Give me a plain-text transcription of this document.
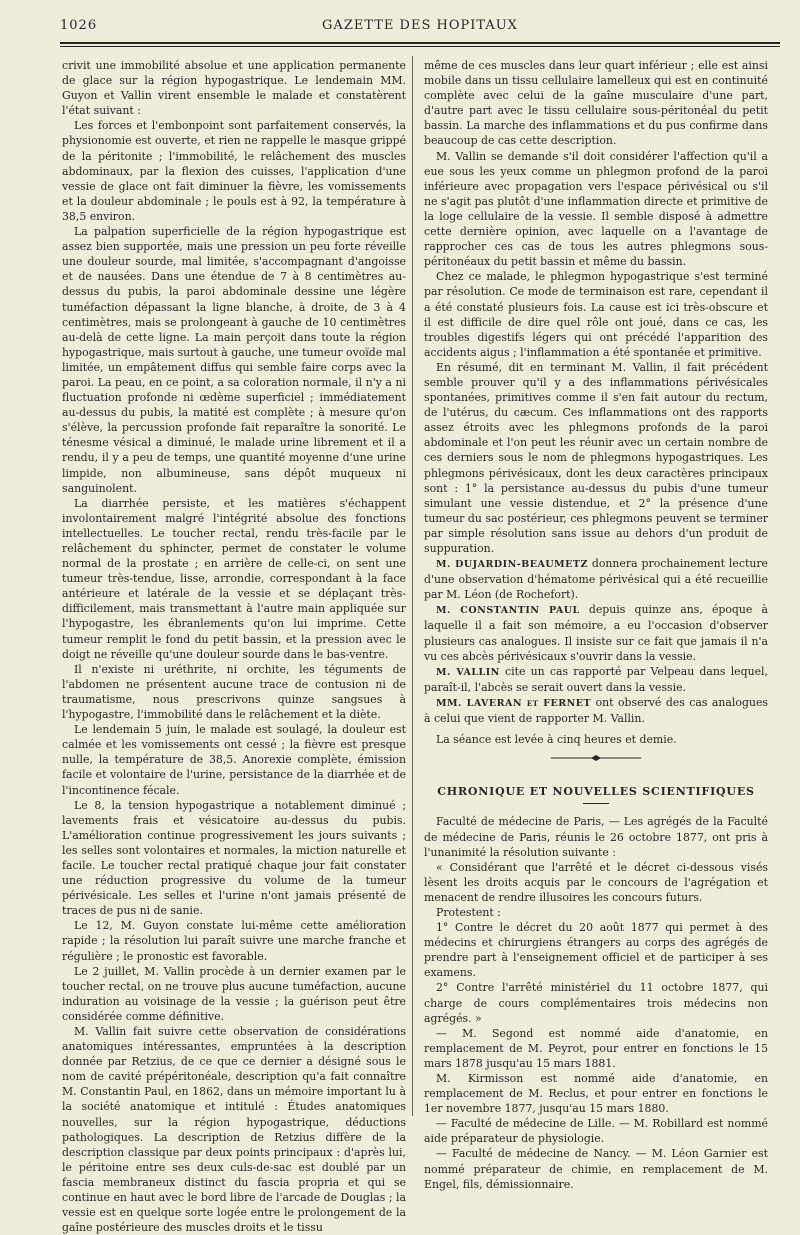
1026	GAZETTE DES HOPITAUX

crivit une immobilité absolue et une application permanente de glace sur la région hypogastrique. Le lendemain MM. Guyon et Vallin virent ensemble le malade et constatèrent l'état suivant :

Les forces et l'embonpoint sont parfaitement conservés, la physionomie est ouverte, et rien ne rappelle le masque grippé de la péritonite ; l'immobilité, le relâchement des muscles abdominaux, par la flexion des cuisses, l'application d'une vessie de glace ont fait diminuer la fièvre, les vomissements et la douleur abdominale ; le pouls est à 92, la température à 38,5 environ.

La palpation superficielle de la région hypogastrique est assez bien supportée, mais une pression un peu forte réveille une douleur sourde, mal limitée, s'accompagnant d'angoisse et de nausées. Dans une étendue de 7 à 8 centimètres au-dessus du pubis, la paroi abdominale dessine une légère tuméfaction dépassant la ligne blanche, à droite, de 3 à 4 centimètres, mais se prolongeant à gauche de 10 centimètres au-delà de cette ligne. La main perçoit dans toute la région hypogastrique, mais surtout à gauche, une tumeur ovoïde mal limitée, un empâtement diffus qui semble faire corps avec la paroi. La peau, en ce point, a sa coloration normale, il n'y a ni fluctuation profonde ni œdème superficiel ; immédiatement au-dessus du pubis, la matité est complète ; à mesure qu'on s'élève, la percussion profonde fait reparaître la sonorité. Le ténesme vésical a diminué, le malade urine librement et il a rendu, il y a peu de temps, une quantité moyenne d'une urine limpide, non albumineuse, sans dépôt muqueux ni sanguinolent.

La diarrhée persiste, et les matières s'échappent involontairement malgré l'intégrité absolue des fonctions intellectuelles. Le toucher rectal, rendu très-facile par le relâchement du sphincter, permet de constater le volume normal de la prostate ; en arrière de celle-ci, on sent une tumeur très-tendue, lisse, arrondie, correspondant à la face antérieure et latérale de la vessie et se déplaçant très-difficilement, mais transmettant à l'autre main appliquée sur l'hypogastre, les ébranlements qu'on lui imprime. Cette tumeur remplit le fond du petit bassin, et la pression avec le doigt ne réveille qu'une douleur sourde dans le bas-ventre.

Il n'existe ni uréthrite, ni orchite, les téguments de l'abdomen ne présentent aucune trace de contusion ni de traumatisme, nous prescrivons quinze sangsues à l'hypogastre, l'immobilité dans le relâchement et la diète.

Le lendemain 5 juin, le malade est soulagé, la douleur est calmée et les vomissements ont cessé ; la fièvre est presque nulle, la température de 38,5. Anorexie complète, émission facile et volontaire de l'urine, persistance de la diarrhée et de l'incontinence fécale.

Le 8, la tension hypogastrique a notablement diminué ; lavements frais et vésicatoire au-dessus du pubis. L'amélioration continue progressivement les jours suivants ; les selles sont volontaires et normales, la miction naturelle et facile. Le toucher rectal pratiqué chaque jour fait constater une réduction progressive du volume de la tumeur périvésicale. Les selles et l'urine n'ont jamais présenté de traces de pus ni de sanie.

Le 12, M. Guyon constate lui-même cette amélioration rapide ; la résolution lui paraît suivre une marche franche et régulière ; le pronostic est favorable.

Le 2 juillet, M. Vallin procède à un dernier examen par le toucher rectal, on ne trouve plus aucune tuméfaction, aucune induration au voisinage de la vessie ; la guérison peut être considérée comme définitive.

M. Vallin fait suivre cette observation de considérations anatomiques intéressantes, empruntées à la description donnée par Retzius, de ce que ce dernier a désigné sous le nom de cavité prépéritonéale, description qu'a fait connaître M. Constantin Paul, en 1862, dans un mémoire important lu à la société anatomique et intitulé : Études anatomiques nouvelles, sur la région hypogastrique, déductions pathologiques. La description de Retzius diffère de la description classique par deux points principaux : d'après lui, le péritoine entre ses deux culs-de-sac est doublé par un fascia membraneux distinct du fascia propria et qui se continue en haut avec le bord libre de l'arcade de Douglas ; la vessie est en quelque sorte logée entre le prolongement de la gaîne postérieure des muscles droits et le tissu

même de ces muscles dans leur quart inférieur ; elle est ainsi mobile dans un tissu cellulaire lamelleux qui est en continuité complète avec celui de la gaîne musculaire d'une part, d'autre part avec le tissu cellulaire sous-péritonéal du petit bassin. La marche des inflammations et du pus confirme dans beaucoup de cas cette description.

M. Vallin se demande s'il doit considérer l'affection qu'il a eue sous les yeux comme un phlegmon profond de la paroi inférieure avec propagation vers l'espace périvésical ou s'il ne s'agit pas plutôt d'une inflammation directe et primitive de la loge cellulaire de la vessie. Il semble disposé à admettre cette dernière opinion, avec laquelle on a l'avantage de rapprocher ces cas de tous les autres phlegmons sous-péritonéaux du petit bassin et même du bassin.

Chez ce malade, le phlegmon hypogastrique s'est terminé par résolution. Ce mode de terminaison est rare, cependant il a été constaté plusieurs fois. La cause est ici très-obscure et il est difficile de dire quel rôle ont joué, dans ce cas, les troubles digestifs légers qui ont précédé l'apparition des accidents aigus ; l'inflammation a été spontanée et primitive.

En résumé, dit en terminant M. Vallin, il fait précédent semble prouver qu'il y a des inflammations périvésicales spontanées, primitives comme il s'en fait autour du rectum, de l'utérus, du cæcum. Ces inflammations ont des rapports assez étroits avec les phlegmons profonds de la paroi abdominale et l'on peut les réunir avec un certain nombre de ces derniers sous le nom de phlegmons hypogastriques. Les phlegmons périvésicaux, dont les deux caractères principaux sont : 1° la persistance au-dessus du pubis d'une tumeur simulant une vessie distendue, et 2° la présence d'une tumeur du sac postérieur, ces phlegmons peuvent se terminer par simple résolution sans issue au dehors d'un produit de suppuration.

M. DUJARDIN-BEAUMETZ donnera prochainement lecture d'une observation d'hématome périvésical qui a été recueillie par M. Léon (de Rochefort).

M. CONSTANTIN PAUL depuis quinze ans, époque à laquelle il a fait son mémoire, a eu l'occasion d'observer plusieurs cas analogues. Il insiste sur ce fait que jamais il n'a vu ces abcès périvésicaux s'ouvrir dans la vessie.

M. VALLIN cite un cas rapporté par Velpeau dans lequel, paraît-il, l'abcès se serait ouvert dans la vessie.

MM. LAVERAN et FERNET ont observé des cas analogues à celui que vient de rapporter M. Vallin.

La séance est levée à cinq heures et demie.

CHRONIQUE ET NOUVELLES SCIENTIFIQUES

Faculté de médecine de Paris, — Les agrégés de la Faculté de médecine de Paris, réunis le 26 octobre 1877, ont pris à l'unanimité la résolution suivante :

« Considérant que l'arrêté et le décret ci-dessous visés lèsent les droits acquis par le concours de l'agrégation et menacent de rendre illusoires les concours futurs.

Protestent :

1° Contre le décret du 20 août 1877 qui permet à des médecins et chirurgiens étrangers au corps des agrégés de prendre part à l'enseignement officiel et de participer à ses examens.

2° Contre l'arrêté ministériel du 11 octobre 1877, qui charge de cours complémentaires trois médecins non agrégés. »

— M. Segond est nommé aide d'anatomie, en remplacement de M. Peyrot, pour entrer en fonctions le 15 mars 1878 jusqu'au 15 mars 1881.

M. Kirmisson est nommé aide d'anatomie, en remplacement de M. Reclus, et pour entrer en fonctions le 1er novembre 1877, jusqu'au 15 mars 1880.

— Faculté de médecine de Lille. — M. Robillard est nommé aide préparateur de physiologie.

— Faculté de médecine de Nancy. — M. Léon Garnier est nommé préparateur de chimie, en remplacement de M. Engel, fils, démissionnaire.
